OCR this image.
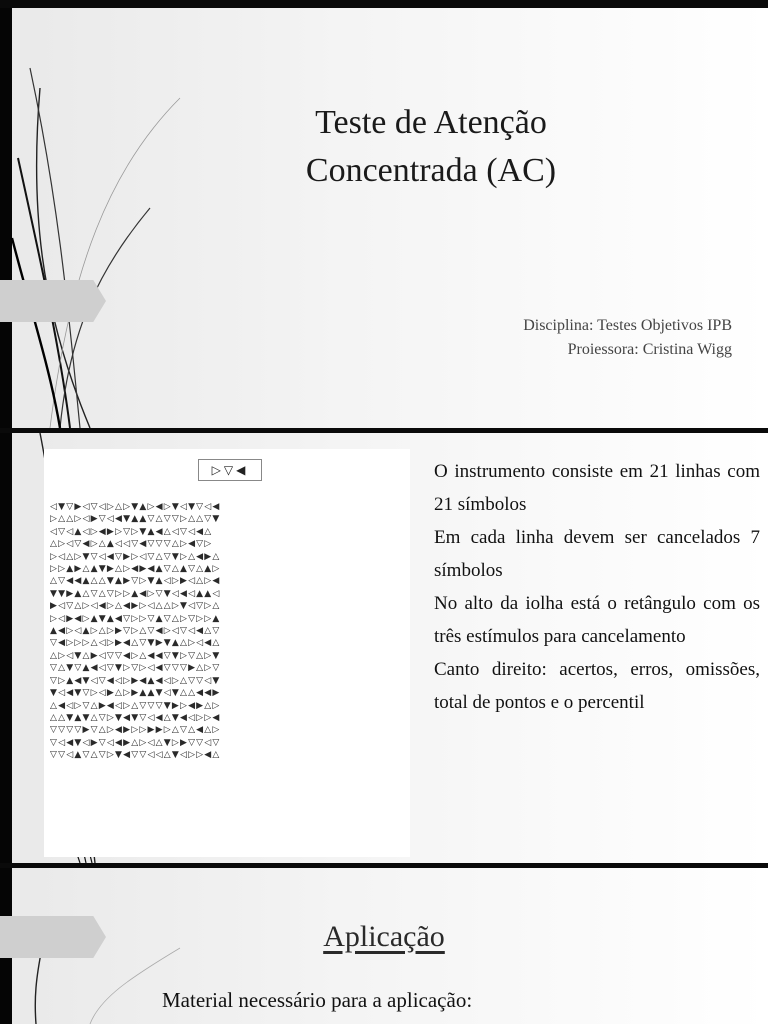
Teste de Atenção
Concentrada (AC)
Disciplina: Testes Objetivos IPB
Proiessora: Cristina Wigg
▷▽◀
◁▼▽▶◁▽◁▷△▷▼▲▷◀▷▼◁▼▽◁◀
▷△△▷◁▶▽◁◀▼▲▲▽△▽▽▷△△▽▼
◁▽◁▲◁▷◀▶▷▽▷▼▲◀△◁▽◁◀△
△▷◁▽◀▷△▲◁◁▽◀▽▽▽△▷◀▽▷
▷◁△▷▼▽◁◀▽▶▷◁▽△▽▼▷△◀▶△
▷▷▲▶△▲▼▶△▷◀▶◀▲▽△▲▽△▲▷
△▽◀◀▲△△▼▲▶▽▷▼▲◁▷▶◁△▷◀
▼▼▶▲△▽△▽▷▷▲◀▷▽▼◁◀◁▲▲◁
▶◁▽△▷◁◀▷△◀▶▷◁△△▷▼◁▽▷△
▷◁▶◀▷▲▼▲◀▽▷▷▽▲▽△▷▽▷▷▲
▲◀▷◁▲▷△▷▶▽▷△▽◀▷◁▽◁◀△▽
▽◀▷▷▷△◁▷▶◀△▽▼▶▼▲△▷◁◀△
△▷◁▼△▶◁▽▽◀▷△◀◀▽▼▷▽△▷▼
▽△▼▽▲◀◁▽▼▷▽▷◁◀▽▽▽▶△▷▽
▽▷▲◀▼◁▽◀◁▷▶◀▲◀◁▷△▽▽◁▼
▼◁◀▼▽▷◁▶△▷▶▲▲▼◁▼△△◀◀▶
△◀◁▷▽△▶◀◁▷△▽▽▽▼▶▷◀▶△▷
△△▼▲▼△▽▷▼◀▼▽◁◀△▼◀◁▷▷◀
▽▽▽▽▶▽△▷◀▶▷▷▶▶▷△▽△◀△▷
▽◁◀▼◁▶▽◁◀▶△▷◁△▼▷▶▽▽◁▽
▽▽◁▲▽△▽▷▼◀▽▽◁◁△▼◁▷▷◀△

O instrumento consiste em 21 linhas com 21 símbolos

Em cada linha devem ser cancelados 7 símbolos

No alto da iolha está o retângulo com os três estímulos para cancelamento

Canto direito: acertos, erros, omissões, total de pontos e o percentil

Aplicação
Material necessário para a aplicação:
